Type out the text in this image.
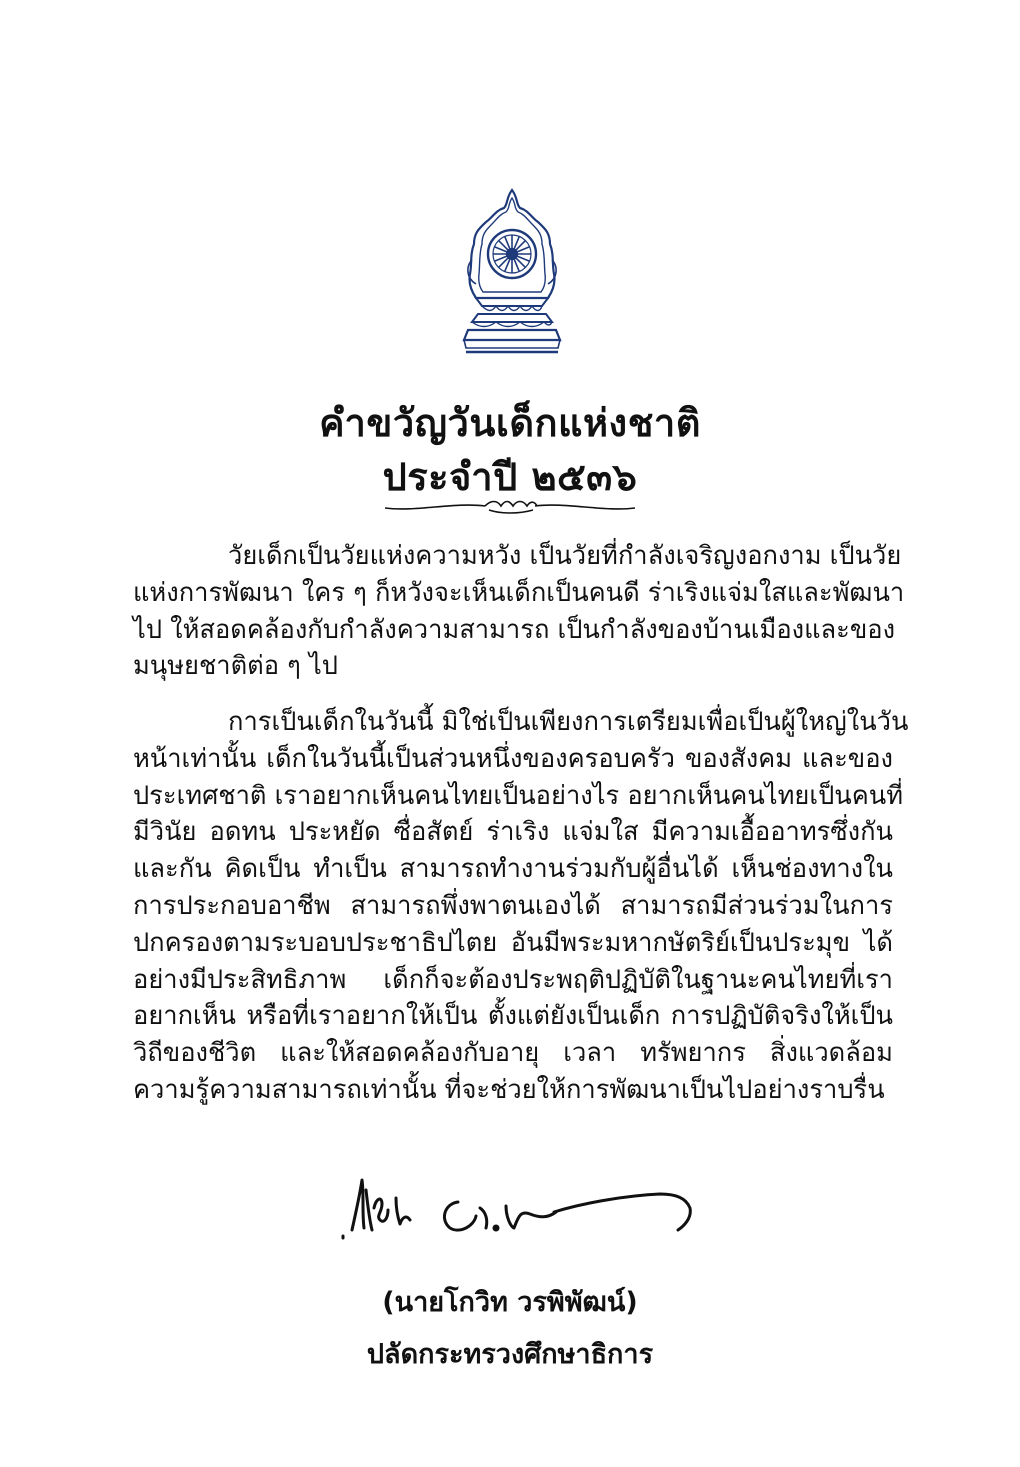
คำขวัญวันเด็กแห่งชาติ
ประจำปี ๒๕๓๖
วัยเด็กเป็นวัยแห่งความหวัง เป็นวัยที่กำลังเจริญงอกงาม เป็นวัย
แห่งการพัฒนา ใคร ๆ ก็หวังจะเห็นเด็กเป็นคนดี ร่าเริงแจ่มใสและพัฒนา
ไป ให้สอดคล้องกับกำลังความสามารถ เป็นกำลังของบ้านเมืองและของ
มนุษยชาติต่อ ๆ ไป
การเป็นเด็กในวันนี้ มิใช่เป็นเพียงการเตรียมเพื่อเป็นผู้ใหญ่ในวัน
หน้าเท่านั้น เด็กในวันนี้เป็นส่วนหนึ่งของครอบครัว ของสังคม และของ
ประเทศชาติ เราอยากเห็นคนไทยเป็นอย่างไร อยากเห็นคนไทยเป็นคนที่
มีวินัย อดทน ประหยัด ซื่อสัตย์ ร่าเริง แจ่มใส มีความเอื้ออาทรซึ่งกัน
และกัน คิดเป็น ทำเป็น สามารถทำงานร่วมกับผู้อื่นได้ เห็นช่องทางใน
การประกอบอาชีพ สามารถพึ่งพาตนเองได้ สามารถมีส่วนร่วมในการ
ปกครองตามระบอบประชาธิปไตย อันมีพระมหากษัตริย์เป็นประมุข ได้
อย่างมีประสิทธิภาพ เด็กก็จะต้องประพฤติปฏิบัติในฐานะคนไทยที่เรา
อยากเห็น หรือที่เราอยากให้เป็น ตั้งแต่ยังเป็นเด็ก การปฏิบัติจริงให้เป็น
วิถีของชีวิต และให้สอดคล้องกับอายุ เวลา ทรัพยากร สิ่งแวดล้อม
ความรู้ความสามารถเท่านั้น ที่จะช่วยให้การพัฒนาเป็นไปอย่างราบรื่น
(นายโกวิท วรพิพัฒน์)
ปลัดกระทรวงศึกษาธิการ
